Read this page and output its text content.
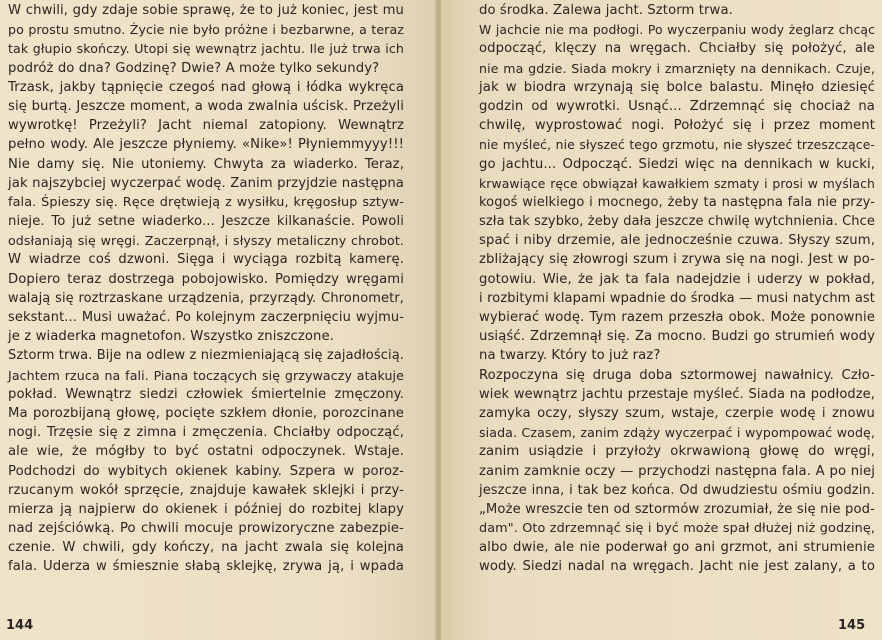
W chwili, gdy zdaje sobie sprawę, że to już koniec, jest mu
po prostu smutno. Życie nie było próżne i bezbarwne, a teraz
tak głupio skończy. Utopi się wewnątrz jachtu. Ile już trwa ich
podróż do dna? Godzinę? Dwie? A może tylko sekundy?
Trzask, jakby tąpnięcie czegoś nad głową i łódka wykręca
się burtą. Jeszcze moment, a woda zwalnia uścisk. Przeżyli
wywrotkę! Przeżyli? Jacht niemal zatopiony. Wewnątrz
pełno wody. Ale jeszcze płyniemy. «Nike»! Płyniemmyyy!!!
Nie damy się. Nie utoniemy. Chwyta za wiaderko. Teraz,
jak najszybciej wyczerpać wodę. Zanim przyjdzie następna
fala. Śpieszy się. Ręce drętwieją z wysiłku, kręgosłup sztyw-
nieje. To już setne wiaderko... Jeszcze kilkanaście. Powoli
odsłaniają się wręgi. Zaczerpnął, i słyszy metaliczny chrobot.
W wiadrze coś dzwoni. Sięga i wyciąga rozbitą kamerę.
Dopiero teraz dostrzega pobojowisko. Pomiędzy wręgami
walają się roztrzaskane urządzenia, przyrządy. Chronometr,
sekstant... Musi uważać. Po kolejnym zaczerpnięciu wyjmu-
je z wiaderka magnetofon. Wszystko zniszczone.
Sztorm trwa. Bije na odlew z niezmieniającą się zajadłością.
Jachtem rzuca na fali. Piana toczących się grzywaczy atakuje
pokład. Wewnątrz siedzi człowiek śmiertelnie zmęczony.
Ma porozbijaną głowę, pocięte szkłem dłonie, porozcinane
nogi. Trzęsie się z zimna i zmęczenia. Chciałby odpocząć,
ale wie, że mógłby to być ostatni odpoczynek. Wstaje.
Podchodzi do wybitych okienek kabiny. Szpera w poroz-
rzucanym wokół sprzęcie, znajduje kawałek sklejki i przy-
mierza ją najpierw do okienek i później do rozbitej klapy
nad zejściówką. Po chwili mocuje prowizoryczne zabezpie-
czenie. W chwili, gdy kończy, na jacht zwala się kolejna
fala. Uderza w śmiesznie słabą sklejkę, zrywa ją, i wpada
144
do środka. Zalewa jacht. Sztorm trwa.
W jachcie nie ma podłogi. Po wyczerpaniu wody żeglarz chcąc
odpocząć, klęczy na wręgach. Chciałby się położyć, ale
nie ma gdzie. Siada mokry i zmarznięty na dennikach. Czuje,
jak w biodra wrzynają się bolce balastu. Minęło dziesięć
godzin od wywrotki. Usnąć... Zdrzemnąć się chociaż na
chwilę, wyprostować nogi. Położyć się i przez moment
nie myśleć, nie słyszeć tego grzmotu, nie słyszeć trzeszczące-
go jachtu... Odpocząć. Siedzi więc na dennikach w kucki,
krwawiące ręce obwiązał kawałkiem szmaty i prosi w myślach
kogoś wielkiego i mocnego, żeby ta następna fala nie przy-
szła tak szybko, żeby dała jeszcze chwilę wytchnienia. Chce
spać i niby drzemie, ale jednocześnie czuwa. Słyszy szum,
zbliżający się złowrogi szum i zrywa się na nogi. Jest w po-
gotowiu. Wie, że jak ta fala nadejdzie i uderzy w pokład,
i rozbitymi klapami wpadnie do środka — musi natychm ast
wybierać wodę. Tym razem przeszła obok. Może ponownie
usiąść. Zdrzemnął się. Za mocno. Budzi go strumień wody
na twarzy. Który to już raz?
Rozpoczyna się druga doba sztormowej nawałnicy. Czło-
wiek wewnątrz jachtu przestaje myśleć. Siada na podłodze,
zamyka oczy, słyszy szum, wstaje, czerpie wodę i znowu
siada. Czasem, zanim zdąży wyczerpać i wypompować wodę,
zanim usiądzie i przyłoży okrwawioną głowę do wręgi,
zanim zamknie oczy — przychodzi następna fala. A po niej
jeszcze inna, i tak bez końca. Od dwudziestu ośmiu godzin.
„Może wreszcie ten od sztormów zrozumiał, że się nie pod-
dam". Oto zdrzemnąć się i być może spał dłużej niż godzinę,
albo dwie, ale nie poderwał go ani grzmot, ani strumienie
wody. Siedzi nadal na wręgach. Jacht nie jest zalany, a to
145
